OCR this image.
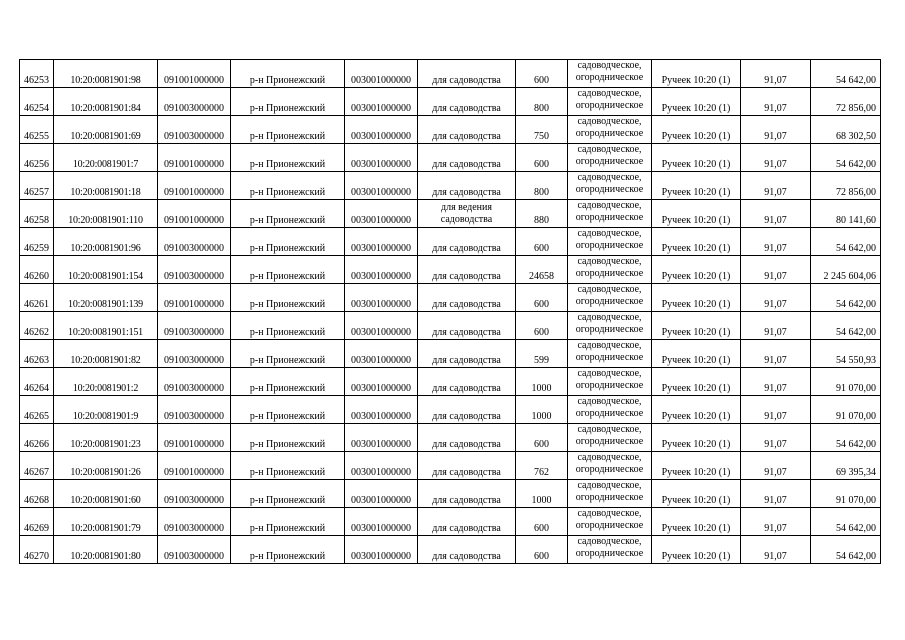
46253	10:20:0081901:98	091001000000	р-н Прионежский	003001000000	для садоводства	600	садоводческое, огородническое	Ручеек 10:20 (1)	91,07	54 642,00
46254	10:20:0081901:84	091003000000	р-н Прионежский	003001000000	для садоводства	800	садоводческое, огородническое	Ручеек 10:20 (1)	91,07	72 856,00
46255	10:20:0081901:69	091003000000	р-н Прионежский	003001000000	для садоводства	750	садоводческое, огородническое	Ручеек 10:20 (1)	91,07	68 302,50
46256	10:20:0081901:7	091001000000	р-н Прионежский	003001000000	для садоводства	600	садоводческое, огородническое	Ручеек 10:20 (1)	91,07	54 642,00
46257	10:20:0081901:18	091001000000	р-н Прионежский	003001000000	для садоводства	800	садоводческое, огородническое	Ручеек 10:20 (1)	91,07	72 856,00
46258	10:20:0081901:110	091001000000	р-н Прионежский	003001000000	для ведения садоводства	880	садоводческое, огородническое	Ручеек 10:20 (1)	91,07	80 141,60
46259	10:20:0081901:96	091003000000	р-н Прионежский	003001000000	для садоводства	600	садоводческое, огородническое	Ручеек 10:20 (1)	91,07	54 642,00
46260	10:20:0081901:154	091003000000	р-н Прионежский	003001000000	для садоводства	24658	садоводческое, огородническое	Ручеек 10:20 (1)	91,07	2 245 604,06
46261	10:20:0081901:139	091001000000	р-н Прионежский	003001000000	для садоводства	600	садоводческое, огородническое	Ручеек 10:20 (1)	91,07	54 642,00
46262	10:20:0081901:151	091003000000	р-н Прионежский	003001000000	для садоводства	600	садоводческое, огородническое	Ручеек 10:20 (1)	91,07	54 642,00
46263	10:20:0081901:82	091003000000	р-н Прионежский	003001000000	для садоводства	599	садоводческое, огородническое	Ручеек 10:20 (1)	91,07	54 550,93
46264	10:20:0081901:2	091003000000	р-н Прионежский	003001000000	для садоводства	1000	садоводческое, огородническое	Ручеек 10:20 (1)	91,07	91 070,00
46265	10:20:0081901:9	091003000000	р-н Прионежский	003001000000	для садоводства	1000	садоводческое, огородническое	Ручеек 10:20 (1)	91,07	91 070,00
46266	10:20:0081901:23	091001000000	р-н Прионежский	003001000000	для садоводства	600	садоводческое, огородническое	Ручеек 10:20 (1)	91,07	54 642,00
46267	10:20:0081901:26	091001000000	р-н Прионежский	003001000000	для садоводства	762	садоводческое, огородническое	Ручеек 10:20 (1)	91,07	69 395,34
46268	10:20:0081901:60	091003000000	р-н Прионежский	003001000000	для садоводства	1000	садоводческое, огородническое	Ручеек 10:20 (1)	91,07	91 070,00
46269	10:20:0081901:79	091003000000	р-н Прионежский	003001000000	для садоводства	600	садоводческое, огородническое	Ручеек 10:20 (1)	91,07	54 642,00
46270	10:20:0081901:80	091003000000	р-н Прионежский	003001000000	для садоводства	600	садоводческое, огородническое	Ручеек 10:20 (1)	91,07	54 642,00
